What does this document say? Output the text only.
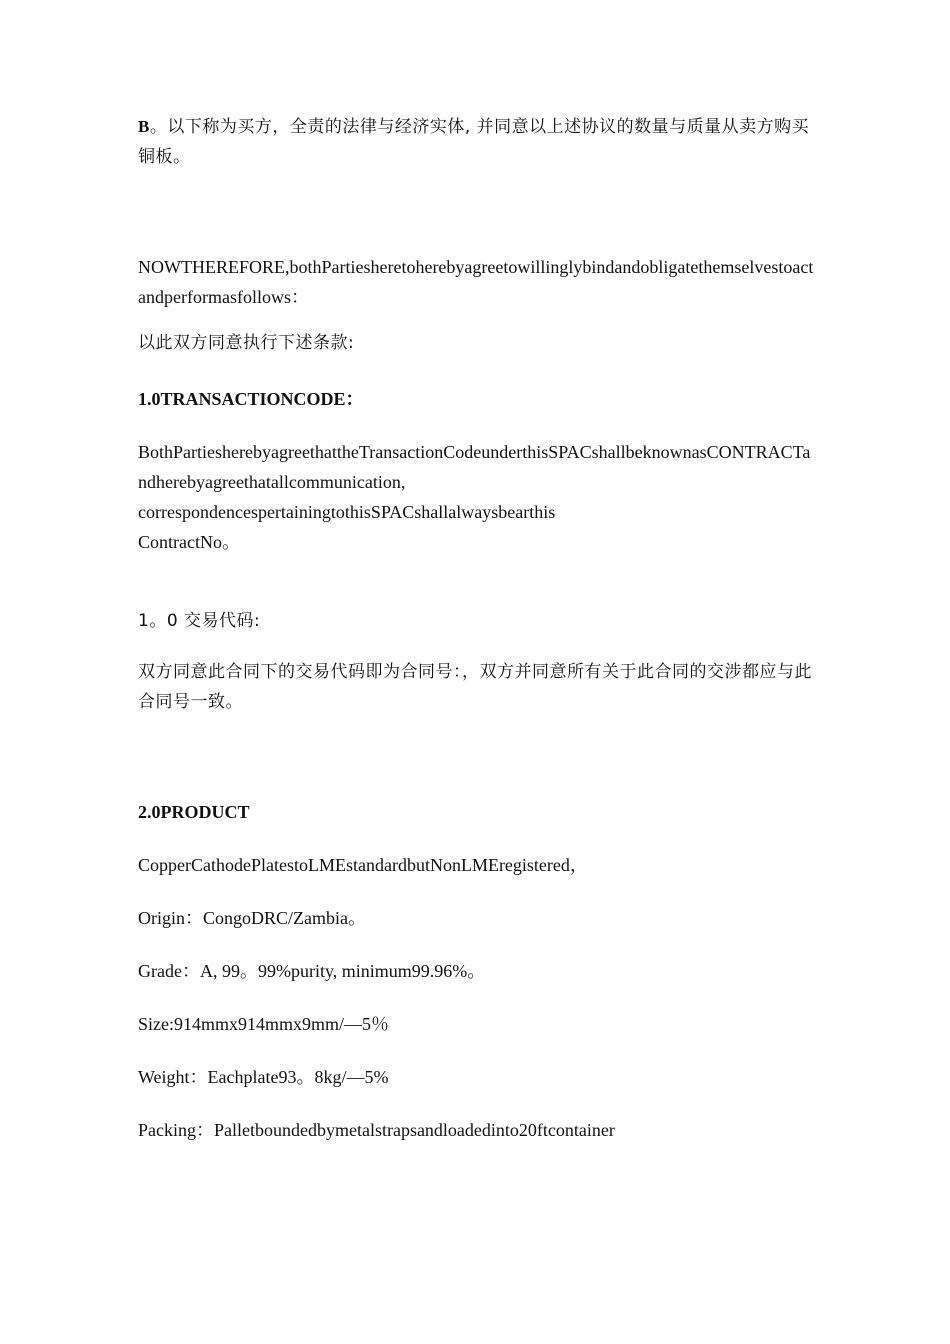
B。以下称为买方，全责的法律与经济实体, 并同意以上述协议的数量与质量从卖方购买铜板。

NOWTHEREFORE,bothPartiesheretoherebyagreetowillinglybindandobligatethemselvestoactandperformasfollows：

以此双方同意执行下述条款:

1.0TRANSACTIONCODE：

BothPartiesherebyagreethattheTransactionCodeunderthisSPACshallbeknownasCONTRACTandherebyagreethatallcommunication,
correspondencespertainingtothisSPACshallalwaysbearthis
ContractNo。

1。0 交易代码:

双方同意此合同下的交易代码即为合同号：，双方并同意所有关于此合同的交涉都应与此合同号一致。

2.0PRODUCT

CopperCathodePlatestoLMEstandardbutNonLMEregistered，

Origin：CongoDRC/Zambia。

Grade：A, 99。99%purity, minimum99.96%。

Size:914mmx914mmx9mm/—5％

Weight：Eachplate93。8kg/—5%

Packing：Palletboundedbymetalstrapsandloadedinto20ftcontainer
